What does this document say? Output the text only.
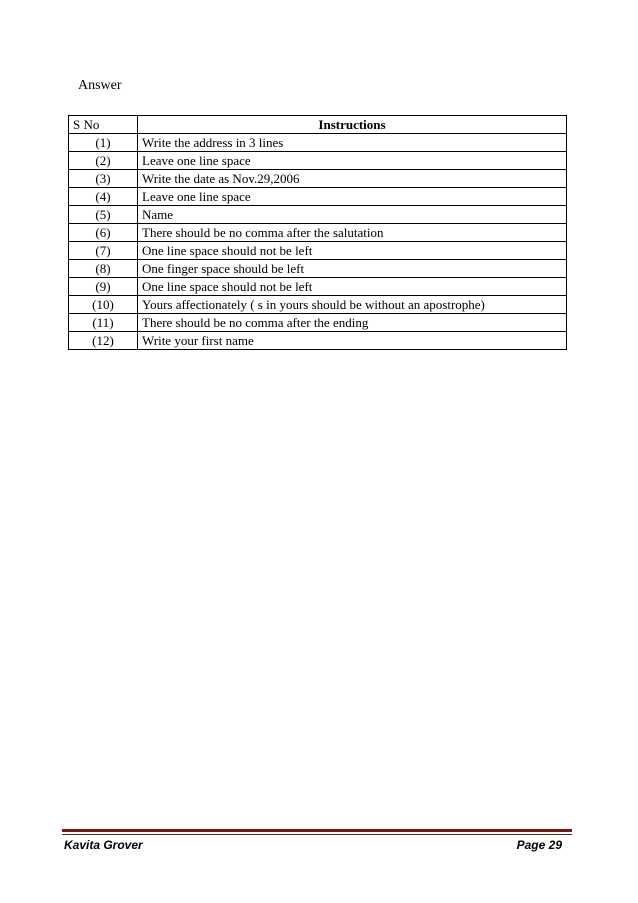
Answer
S No	Instructions
(1)	Write the address in 3 lines
(2)	Leave one line space
(3)	Write the date as Nov.29,2006
(4)	Leave one line space
(5)	Name
(6)	There should be no comma after the salutation
(7)	One line space should not be left
(8)	One finger space should be left
(9)	One line space should not be left
(10)	Yours affectionately ( s in yours should be without an apostrophe)
(11)	There should be no comma after the ending
(12)	Write your first name
Kavita Grover	Page 29
